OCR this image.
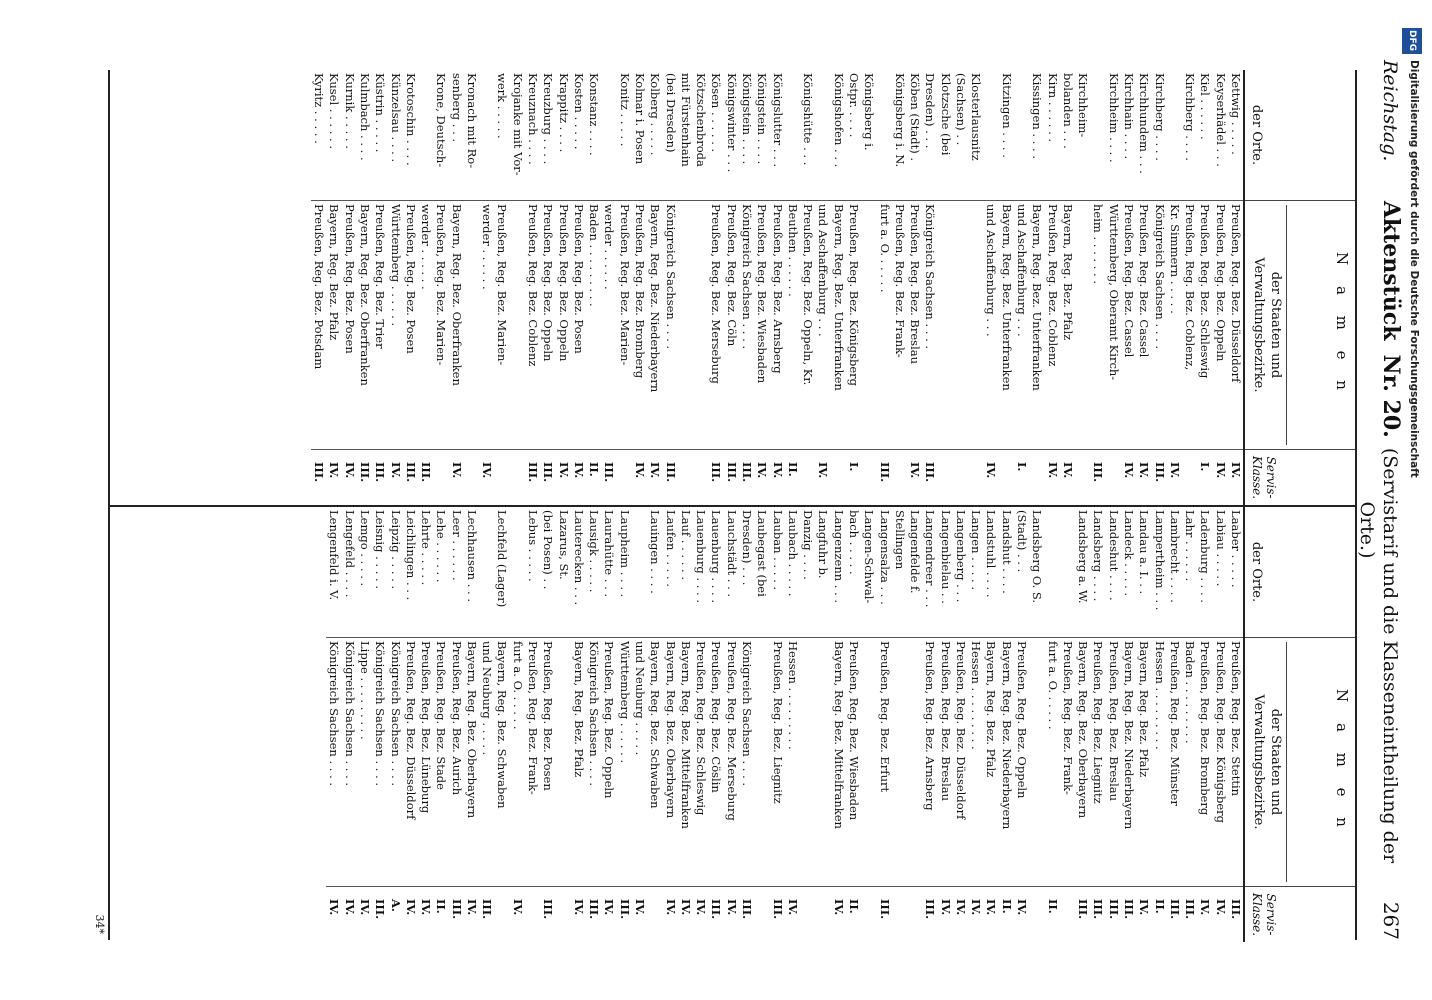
Reichstag.
Aktenstück Nr. 20. (Servistarif und die Klasseneintheilung der Orte.)
267
der Orte.
N a m e n
der Staaten und Verwaltungsbezirke.
Servis-Klasse.
Kettwig . . . . .
Preußen, Reg. Bez. Düsseldorf
IV.
Keyserhädel . . .
Preußen, Reg. Bez. Oppeln
IV.
Kiel . . . . . .
Preußen, Reg. Bez. Schleswig
I.
Kirchberg . . . .
Preußen, Reg. Bez. Coblenz,
Kr. Simmern . . . . .
IV.
Kirchberg . . . .
Königreich Sachsen . . . .
III.
Kirchhundem . . .
Preußen, Reg. Bez. Cassel
IV.
Kirchhain . . . .
Preußen, Reg. Bez. Cassel
IV.
Kirchheim . . . .
Württemberg, Oberamt Kirch-
heim . . . . . . .
III.
Kirchheim-
bolanden . . .
Bayern, Reg. Bez. Pfalz
IV.
Kirn . . . . . .
Preußen, Reg. Bez. Coblenz
IV.
Kissingen . . . .
Bayern, Reg. Bez. Unterfranken
und Aschaffenburg . . .
I.
Kitzingen . . . .
Bayern, Reg. Bez. Unterfranken
und Aschaffenburg . . .
IV.
Klosterlausnitz
(Sachsen) . .
Klotzsche (bei
Dresden) . . .
Königreich Sachsen . . . .
III.
Köben (Stadt) .
Preußen, Reg. Bez. Breslau
IV.
Königsberg i. N.
Preußen, Reg. Bez. Frank-
furt a. O. . . . . .
III.
Königsberg i.
Ostpr. . . . .
Preußen, Reg. Bez. Königsberg
I.
Königshofen . . .
Bayern, Reg. Bez. Unterfranken
und Aschaffenburg . . .
IV.
Königshütte . . .
Preußen, Reg. Bez. Oppeln, Kr.
Beuthen . . . . . .
II.
Königslutter . . .
Preußen, Reg. Bez. Arnsberg
IV.
Königstein . . . .
Preußen, Reg. Bez. Wiesbaden
IV.
Königstein . . . .
Königreich Sachsen . . . .
III.
Königswinter . . .
Preußen, Reg. Bez. Cöln
III.
Kösen . . . . . .
Preußen, Reg. Bez. Merseburg
III.
Kötzschenbroda
mit Fürstenhain
(bei Dresden)
Königreich Sachsen . . . .
III.
Kolberg . . . . .
Bayern, Reg. Bez. Niederbayern
IV.
Kolmar i. Posen
Preußen, Reg. Bez. Bromberg
IV.
Konitz . . . . .
Preußen, Reg. Bez. Marien-
werder . . . . . .
III.
Konstanz . . . .
Baden . . . . . . . . .
II.
Kosten . . . . .
Preußen, Reg. Bez. Posen
IV.
Krappitz . . . .
Preußen, Reg. Bez. Oppeln
IV.
Kreuzburg . . . .
Preußen, Reg. Bez. Oppeln
III.
Kreuznach . . . .
Preußen, Reg. Bez. Coblenz
III.
Krojanke mit Vor-
werk . . . . .
Preußen, Reg. Bez. Marien-
werder . . . . . .
IV.
Kronach mit Ro-
senberg . . .
Bayern, Reg. Bez. Oberfranken
IV.
Krone, Deutsch-
Preußen, Reg. Bez. Marien-
werder . . . . . .
III.
Krotoschin . . . .
Preußen, Reg. Bez. Posen
III.
Künzelsau . . . .
Württemberg . . . . . .
IV.
Küstrin . . . . .
Preußen, Reg. Bez. Trier
III.
Kulmbach . . . .
Bayern, Reg. Bez. Oberfranken
III.
Kurnik . . . . .
Preußen, Reg. Bez. Posen
IV.
Kusel . . . . . .
Bayern, Reg. Bez. Pfalz
IV.
Kyritz . . . . .
Preußen, Reg. Bez. Potsdam
III.
der Orte.
N a m e n
der Staaten und Verwaltungsbezirke.
Servis-Klasse.
Laaber . . . . .
Preußen, Reg. Bez. Stettin
III.
Labiau . . . . .
Preußen, Reg. Bez. Königsberg
IV.
Ladenburg . . . .
Preußen, Reg. Bez. Bromberg
IV.
Lahr . . . . . .
Baden . . . . . . . . .
III.
Lambrecht . . . .
Preußen, Reg. Bez. Münster
III.
Lampertheim . . .
Hessen . . . . . . . . .
II.
Landau a. I. . .
Bayern, Reg. Bez. Pfalz
IV.
Landeck . . . . .
Bayern, Reg. Bez. Niederbayern
III.
Landeshut . . . .
Preußen, Reg. Bez. Breslau
III.
Landsberg . . . .
Preußen, Reg. Bez. Liegnitz
III.
Landsberg a. W.
Bayern, Reg. Bez. Oberbayern
III.
Preußen, Reg. Bez. Frank-
furt a. O. . . . . .
II.
Landsberg O. S.
(Stadt) . . .
Preußen, Reg. Bez. Oppeln
IV.
Landshut . . . .
Bayern, Reg. Bez. Niederbayern
II.
Landstuhl . . . .
Bayern, Reg. Bez. Pfalz
IV.
Langen . . . . .
Hessen . . . . . . . . .
IV.
Langenberg . . .
Preußen, Reg. Bez. Düsseldorf
IV.
Langenbielau . .
Preußen, Reg. Bez. Breslau
IV.
Langendreer . . .
Preußen, Reg. Bez. Arnsberg
III.
Langenfelde f.
Stellingen
Langensalza . . .
Preußen, Reg. Bez. Erfurt
III.
Langen-Schwal-
bach . . . . .
Preußen, Reg. Bez. Wiesbaden
II.
Langenzenn . . .
Bayern, Reg. Bez. Mittelfranken
IV.
Langfuhr b.
Danzig . . . .
Laubach . . . . .
Hessen . . . . . . . . .
IV.
Lauban . . . . .
Preußen, Reg. Bez. Liegnitz
III.
Laubegast (bei
Dresden) . . .
Königreich Sachsen . . . .
III.
Lauchstädt . . .
Preußen, Reg. Bez. Merseburg
IV.
Lauenburg . . . .
Preußen, Reg. Bez. Cöslin
III.
Lauenburg . . . .
Preußen, Reg. Bez. Schleswig
IV.
Lauf . . . . . .
Bayern, Reg. Bez. Mittelfranken
IV.
Laufen . . . . .
Bayern, Reg. Bez. Oberbayern
IV.
Lauingen . . . .
Bayern, Reg. Bez. Schwaben
und Neuburg . . . . .
IV.
Laupheim . . . .
Württemberg . . . . . .
III.
Laurahütte . . .
Preußen, Reg. Bez. Oppeln
IV.
Lausigk . . . . .
Königreich Sachsen . . . .
III.
Lauterecken . . .
Bayern, Reg. Bez. Pfalz
IV.
Lazarus, St.
(bei Posen) . .
Preußen, Reg. Bez. Posen
III.
Lebus . . . . .
Preußen, Reg. Bez. Frank-
furt a. O. . . . . .
IV.
Lechfeld (Lager)
Bayern, Reg. Bez. Schwaben
und Neuburg . . . . .
III.
Lechhausen . . .
Bayern, Reg. Bez. Oberbayern
IV.
Leer . . . . . .
Preußen, Reg. Bez. Aurich
III.
Lehe . . . . . .
Preußen, Reg. Bez. Stade
II.
Lehrte . . . . .
Preußen, Reg. Bez. Lüneburg
IV.
Leichlingen . . .
Preußen, Reg. Bez. Düsseldorf
IV.
Leipzig . . . . .
Königreich Sachsen . . . .
A.
Leisnig . . . . .
Königreich Sachsen . . . .
III.
Lemgo . . . . .
Lippe . . . . . . . . .
IV.
Lengefeld . . . .
Königreich Sachsen . . . .
IV.
Lengenfeld i. V.
Königreich Sachsen . . . .
IV.
34*
DFG
Digitalisierung gefördert durch die Deutsche Forschungsgemeinschaft
